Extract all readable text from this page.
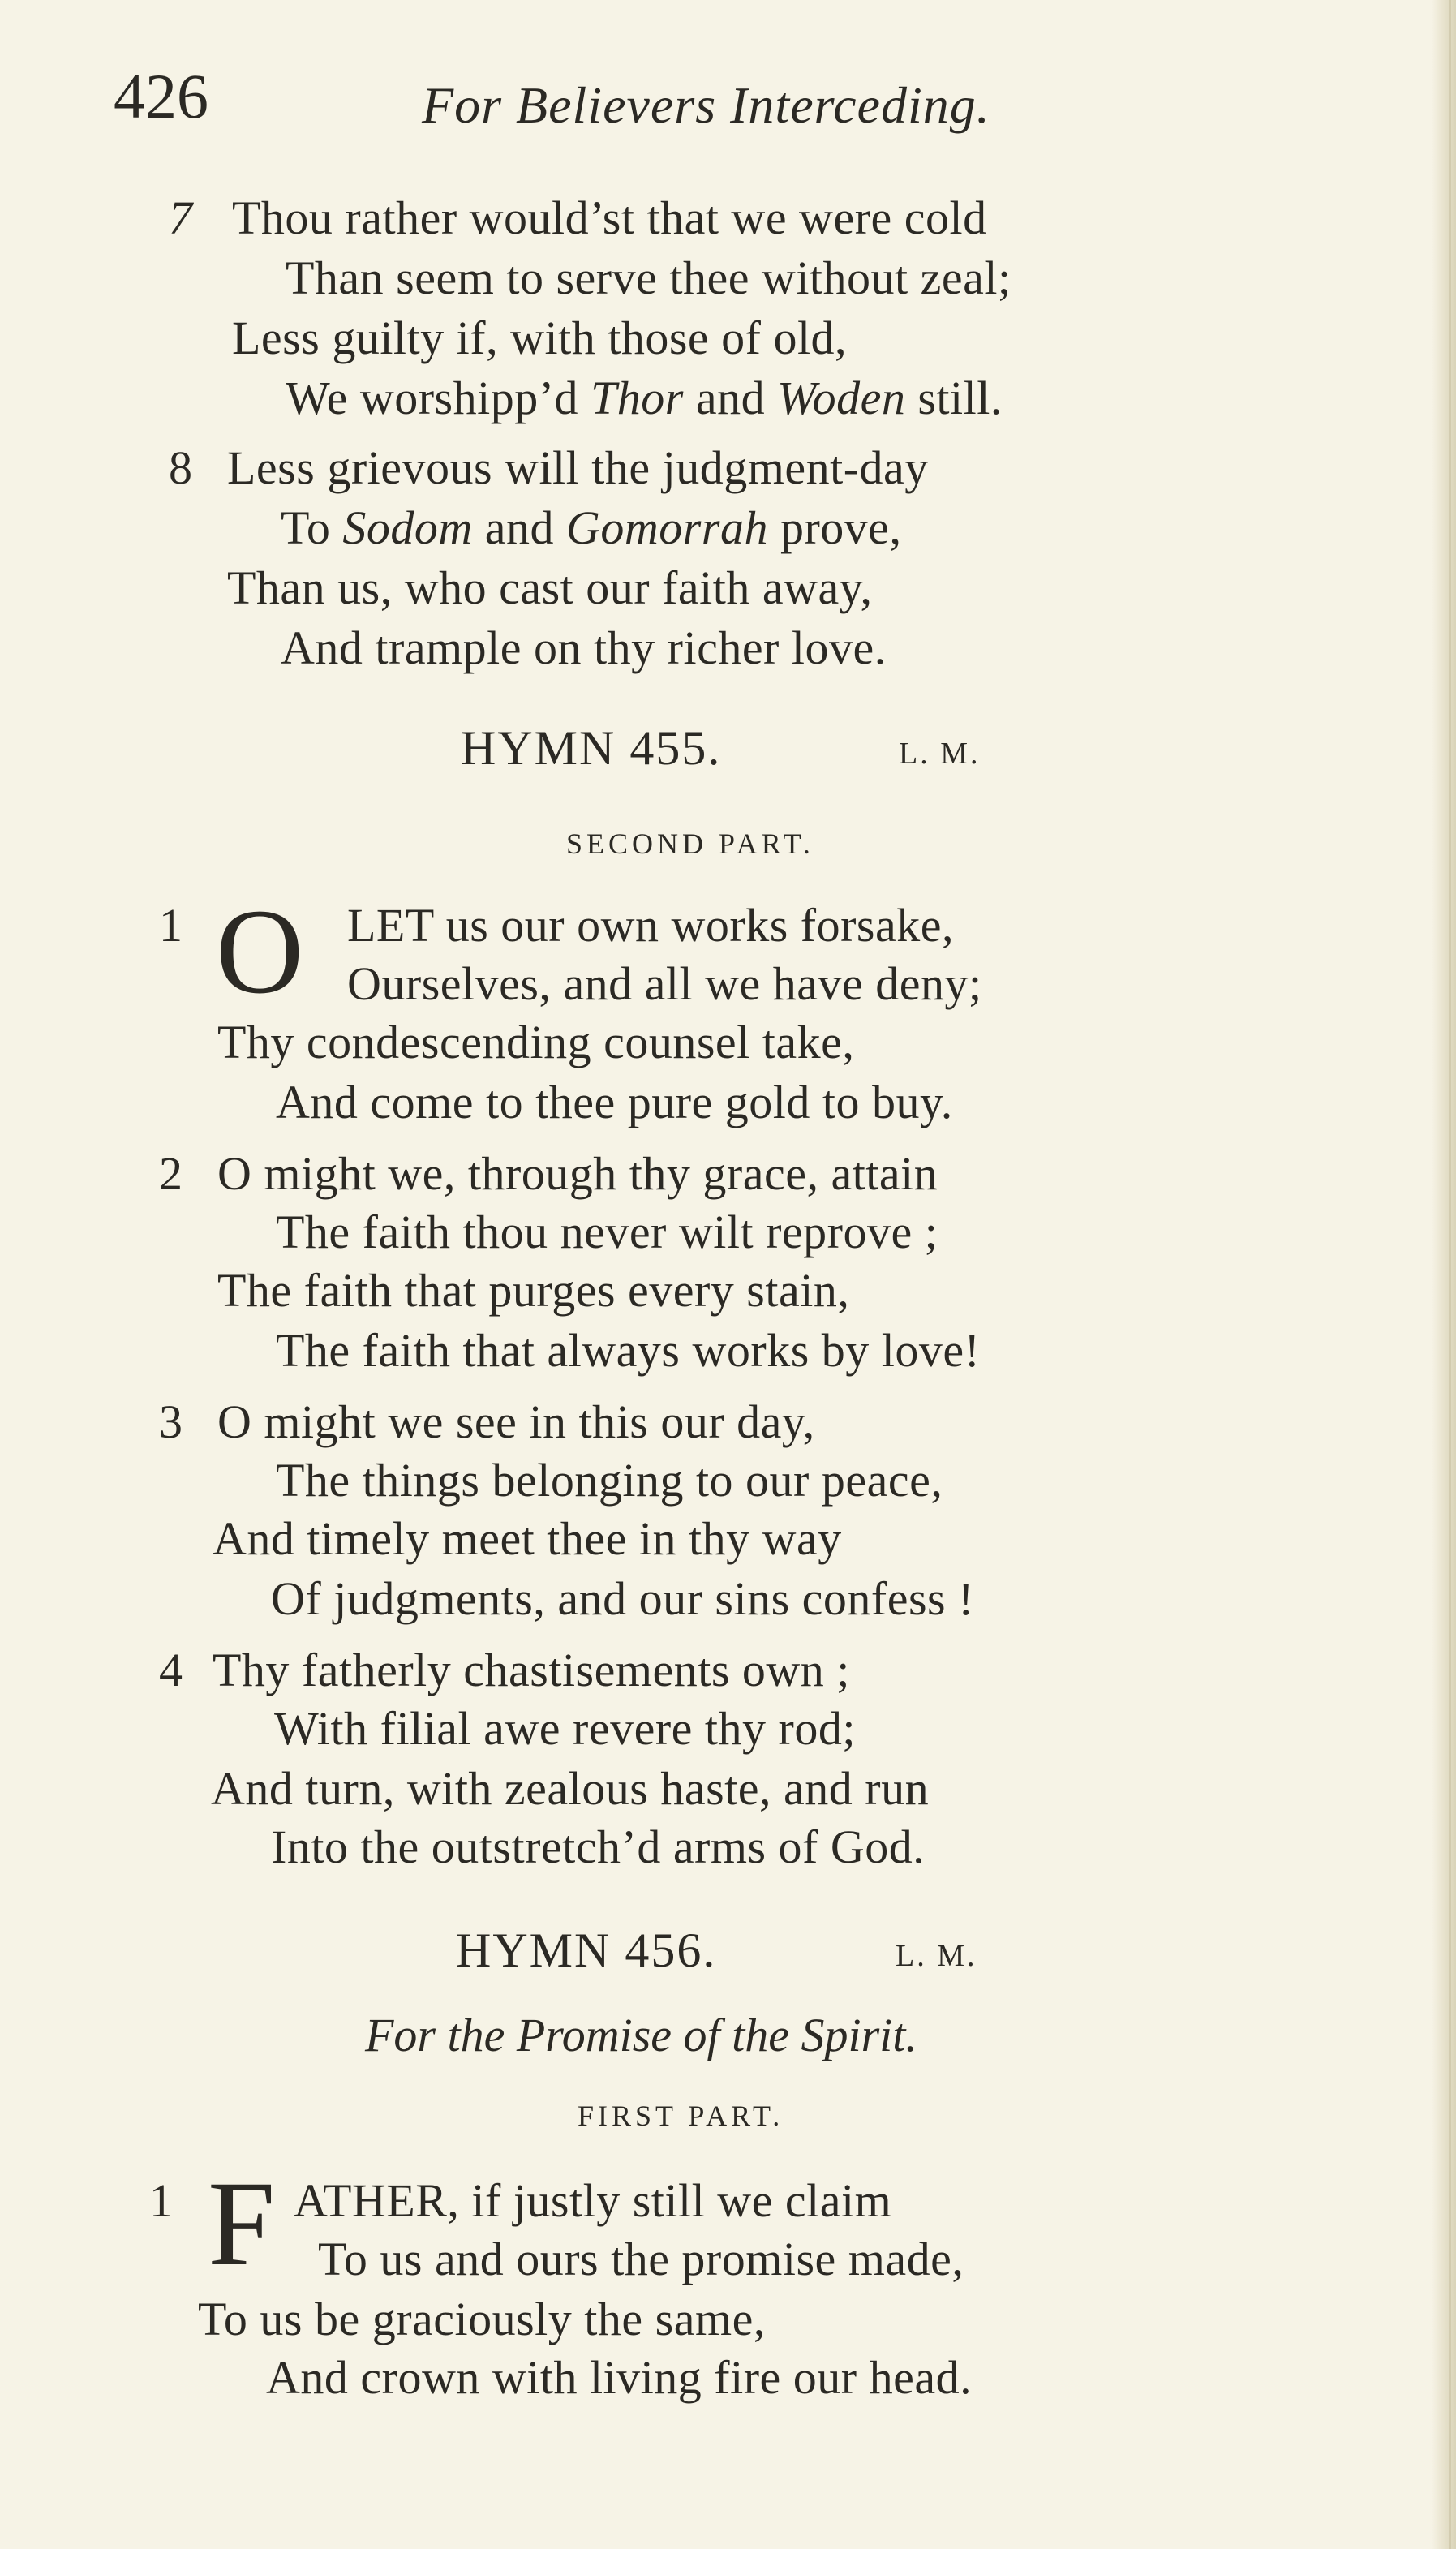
426	For Believers Interceding.
7 Thou rather would’st that we were cold
Than seem to serve thee without zeal;
Less guilty if, with those of old,
We worshipp’d Thor and Woden still.
8 Less grievous will the judgment-day
To Sodom and Gomorrah prove,
Than us, who cast our faith away,
And trample on thy richer love.
HYMN 455.	L. M.
SECOND PART.
1 O LET us our own works forsake,
Ourselves, and all we have deny;
Thy condescending counsel take,
And come to thee pure gold to buy.
2 O might we, through thy grace, attain
The faith thou never wilt reprove ;
The faith that purges every stain,
The faith that always works by love!
3 O might we see in this our day,
The things belonging to our peace,
And timely meet thee in thy way
Of judgments, and our sins confess !
4 Thy fatherly chastisements own ;
With filial awe revere thy rod;
And turn, with zealous haste, and run
Into the outstretch’d arms of God.
HYMN 456.	L. M.
For the Promise of the Spirit.
FIRST PART.
1 F ATHER, if justly still we claim
To us and ours the promise made,
To us be graciously the same,
And crown with living fire our head.
